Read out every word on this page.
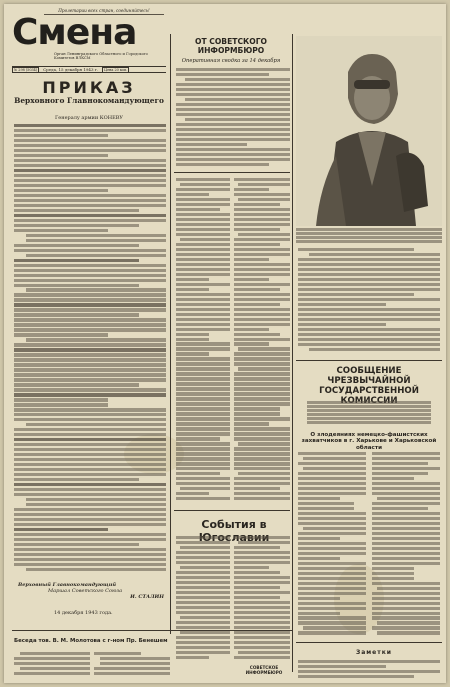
Пролетарии всех стран, соединяйтесь!
Смена
Орган Ленинградского Областного и Городского Комитетов ВЛКСМ
№ 298 (5034)	Среда, 15 декабря 1943 г.	Цена 20 коп.
ПРИКАЗ
Верховного Главнокомандующего
Генералу армии КОНЕВУ
Верховный Главнокомандующий
Маршал Советского Союза
И. СТАЛИН
14 декабря 1943 года.
ОТ СОВЕТСКОГО ИНФОРМБЮРО
Оперативная сводка за 14 декабря
СООБЩЕНИЕ ЧРЕЗВЫЧАЙНОЙ ГОСУДАРСТВЕННОЙ
О злодеяниях немецко-фашистских захватчиков в г. Харькове и Харьковской области
События в
СОВЕТСКОЕ ИНФОРМБЮРО
Беседа тов. В. М. Молотова с г-ном Пр. Бенешем
Заметки
